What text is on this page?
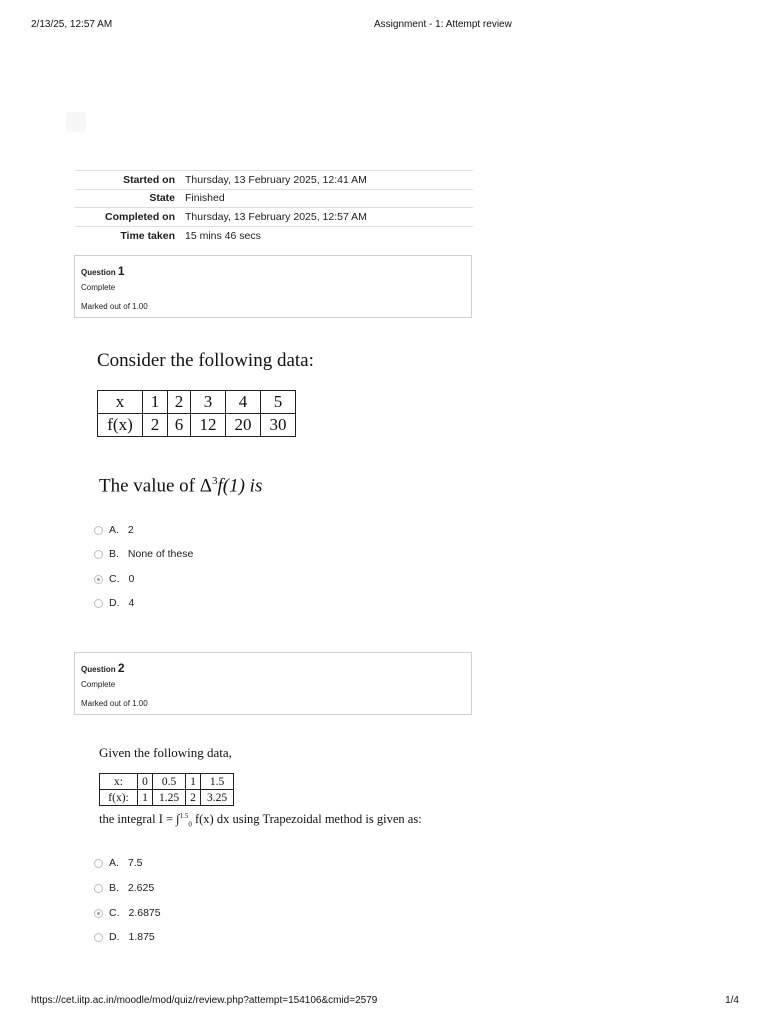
2/13/25, 12:57 AM	Assignment - 1: Attempt review
Started on	Thursday, 13 February 2025, 12:41 AM
State	Finished
Completed on	Thursday, 13 February 2025, 12:57 AM
Time taken	15 mins 46 secs
Question 1
Complete
Marked out of 1.00
Consider the following data:
x	1	2	3	4	5
f(x)	2	6	12	20	30
The value of $\Delta^3f(1)$ is
A. 2
B. None of these
C. 0
D. 4
Question 2
Complete
Marked out of 1.00
Given the following data,
x:	0	0.5	1	1.5
f(x):	1	1.25	2	3.25
the integral I = ∫$^{1.5}_0$ f(x) dx using Trapezoidal method is given as:
A. 7.5
B. 2.625
C. 2.6875
D. 1.875
https://cet.iitp.ac.in/moodle/mod/quiz/review.php?attempt=154106&cmid=2579	1/4
